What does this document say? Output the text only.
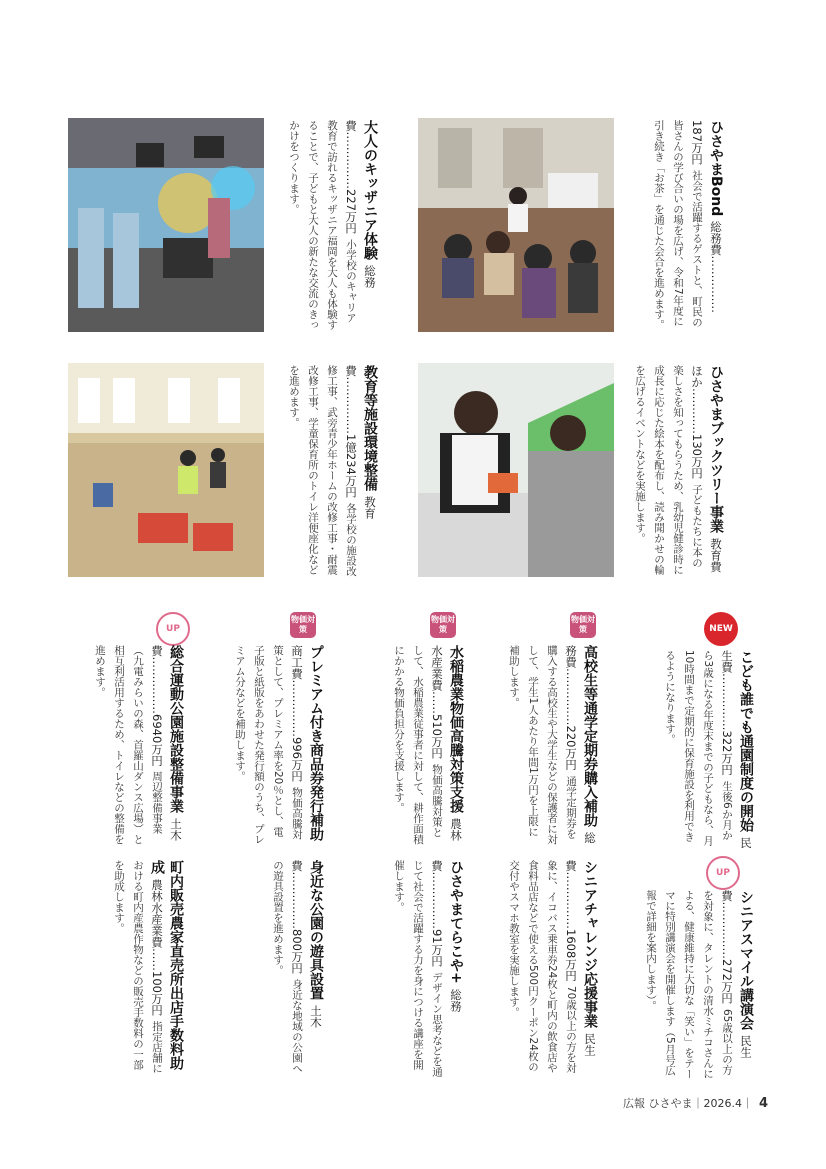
ひさやまBond 総務費……………187万円 社会で活躍するゲストと、町民の皆さんの学び合いの場を広げ、令和7年度に引き続き「お茶」を通じた会合を進めます。
大人のキッザニア体験 総務費……………227万円 小学校のキャリア教育で訪れるキッザニア福岡を大人も体験することで、子どもと大人の新たな交流のきっかけをつくります。
ひさやまブックツリー事業 教育費ほか…………130万円 子どもたちに本の楽しさを知ってもらうため、乳幼児健診時に成長に応じた絵本を配布し、読み聞かせの輪を広げるイベントなどを実施します。
教育等施設環境整備 教育費……………1億234万円 各学校の施設改修工事、武旁青少年ホームの改修工事・耐震改修工事、学童保育所のトイレ洋便座化などを進めます。
NEW
こども誰でも通園制度の開始 民生費……………322万円 生後6か月から3歳になる年度末までの子どもなら、月10時間まで定期的に保育施設を利用できるようになります。
UP
シニアスマイル講演会 民生費……………272万円 65歳以上の方を対象に、タレントの清水ミチコさんによる、健康維持に大切な「笑い」をテーマに特別講演会を開催します（5月号広報で詳細を案内します）。
物価対策
高校生等通学定期券購入補助 総務費……………220万円 通学定期券を購入する高校生や大学生などの保護者に対して、学生1人あたり年間1万円を上限に補助します。
シニアチャレンジ応援事業 民生費……………1608万円 70歳以上の方を対象に、イコバス乗車券24枚と町内の飲食店や食料品店などで使える500円クーポン24枚の交付やスマホ教室を実施します。
物価対策
水稲農業物価高騰対策支援 農林水産業費……510万円 物価高騰対策として、水稲農業従事者に対して、耕作面積にかかる物価負担分を支援します。
ひさやまてらこや+ 総務費……………91万円 デザイン思考などを通じて社会で活躍する力を身につける講座を開催します。
物価対策
プレミアム付き商品券発行補助 商工費……………996万円 物価高騰対策として、プレミアム率を20％とし、電子版と紙版をあわせた発行額のうち、プレミアム分などを補助します。
身近な公園の遊具設置 土木費……………800万円 身近な地域の公園への遊具設置を進めます。
UP
総合運動公園施設整備事業 土木費……………6940万円 周辺整備事業（九電みらいの森、首羅山ダンス広場）と相互利活用するため、トイレなどの整備を進めます。
町内販売農家直売所出店手数料助成 農林水産業費……100万円 指定店舗における町内産農作物などの販売手数料の一部を助成します。
広報 ひさやま｜2026.4｜ 4
